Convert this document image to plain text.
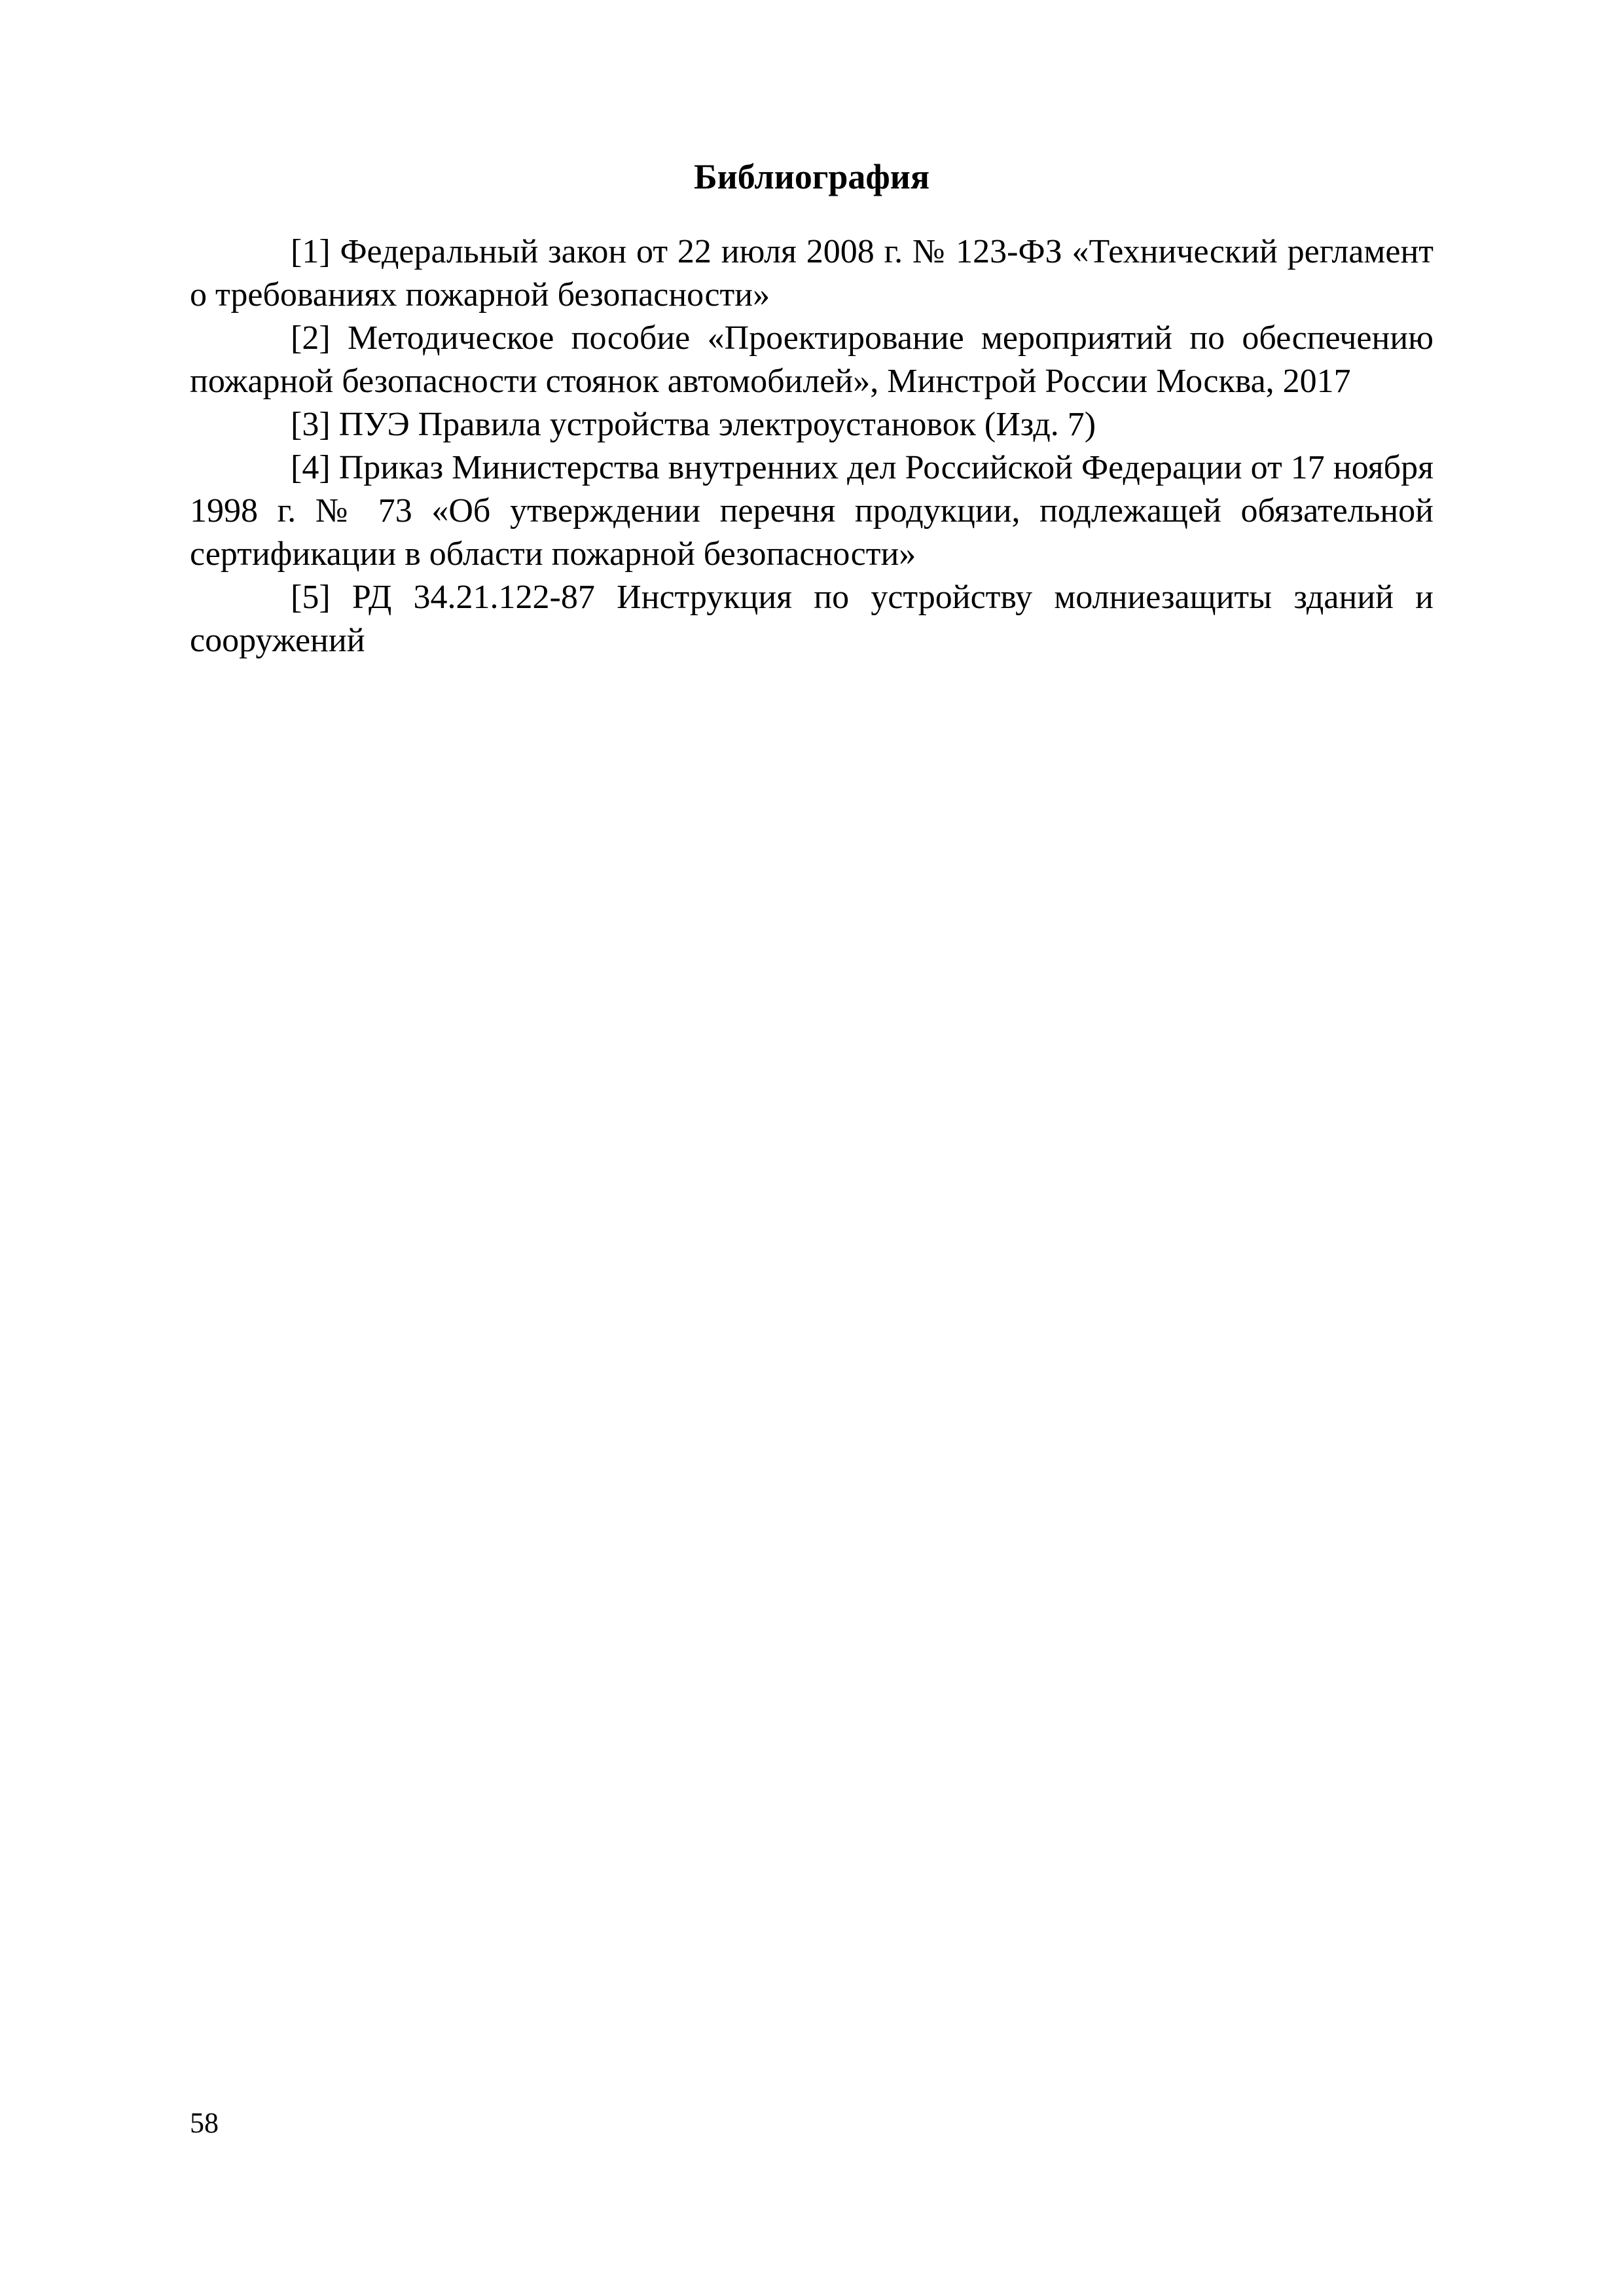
Библиография
[1] Федеральный закон от 22 июля 2008 г. № 123-ФЗ «Технический регламент о требованиях пожарной безопасности»
[2] Методическое пособие «Проектирование мероприятий по обеспечению пожарной безопасности стоянок автомобилей», Минстрой России Москва, 2017
[3] ПУЭ Правила устройства электроустановок (Изд. 7)
[4] Приказ Министерства внутренних дел Российской Федерации от 17 ноября 1998 г. № 73 «Об утверждении перечня продукции, подлежащей обязательной сертификации в области пожарной безопасности»
[5] РД 34.21.122-87 Инструкция по устройству молниезащиты зданий и сооружений
58
